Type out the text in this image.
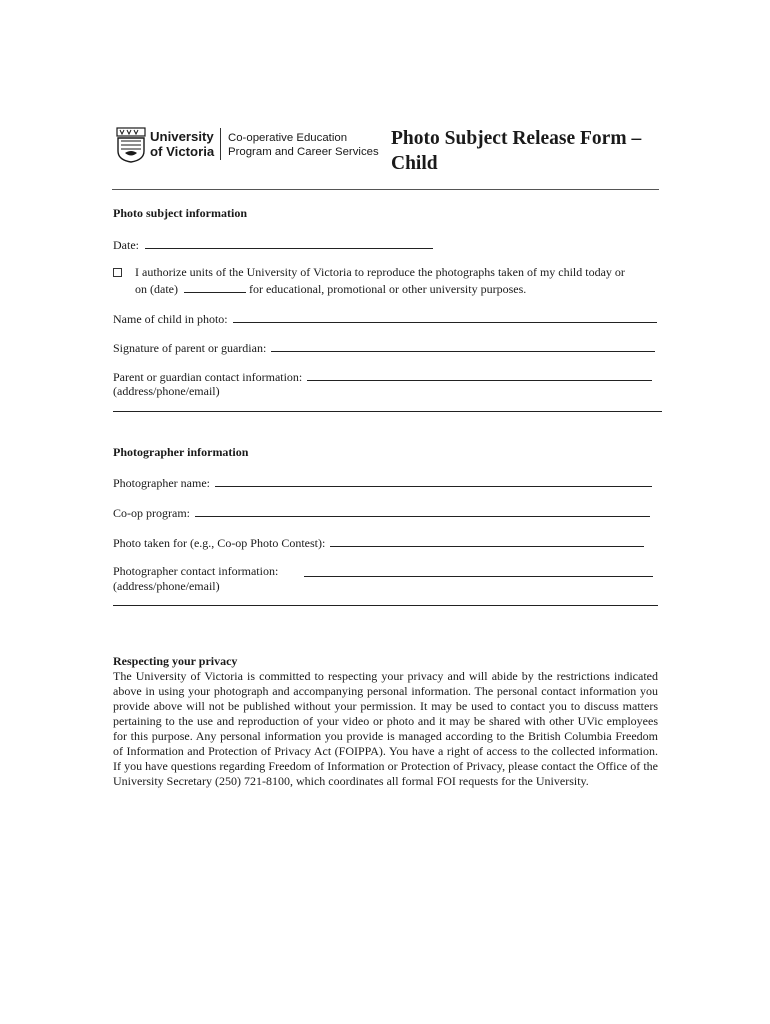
University
of Victoria
Co-operative Education
Program and Career Services
Photo Subject Release Form –
Child
Photo subject information
Date:
I authorize units of the University of Victoria to reproduce the photographs taken of my child today or
on (date)	for educational, promotional or other university purposes.
Name of child in photo:
Signature of parent or guardian:
Parent or guardian contact information:
(address/phone/email)
Photographer information
Photographer name:
Co-op program:
Photo taken for (e.g., Co-op Photo Contest):
Photographer contact information:
(address/phone/email)
Respecting your privacy
The University of Victoria is committed to respecting your privacy and will abide by the restrictions indicated above in using your photograph and accompanying personal information. The personal contact information you provide above will not be published without your permission. It may be used to contact you to discuss matters pertaining to the use and reproduction of your video or photo and it may be shared with other UVic employees for this purpose. Any personal information you provide is managed according to the British Columbia Freedom of Information and Protection of Privacy Act (FOIPPA). You have a right of access to the collected information. If you have questions regarding Freedom of Information or Protection of Privacy, please contact the Office of the University Secretary (250) 721-8100, which coordinates all formal FOI requests for the University.
